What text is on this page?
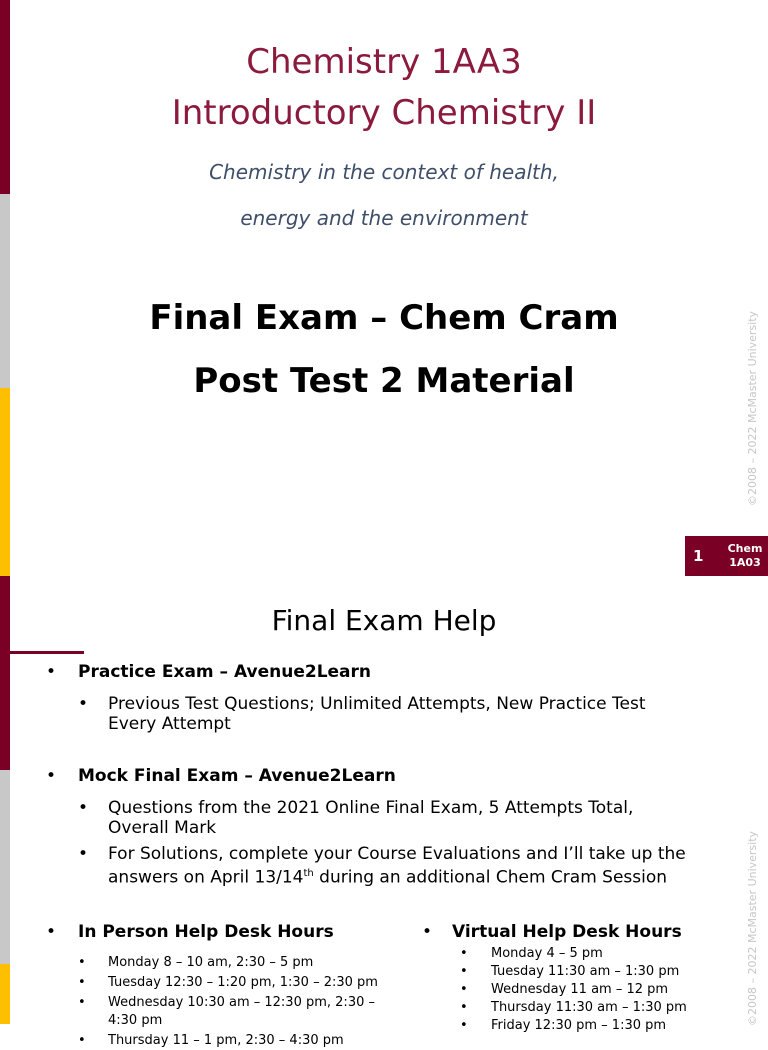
Chemistry 1AA3
Introductory Chemistry II
Chemistry in the context of health,
energy and the environment
Final Exam – Chem Cram
Post Test 2 Material	©2008 – 2022 McMaster University
1 Chem
1A03
Final Exam Help
• Practice Exam – Avenue2Learn
• Previous Test Questions; Unlimited Attempts, New Practice Test Every Attempt
• Mock Final Exam – Avenue2Learn
• Questions from the 2021 Online Final Exam, 5 Attempts Total, Overall Mark
• For Solutions, complete your Course Evaluations and I’ll take up the answers on April 13/14th during an additional Chem Cram Session
• In Person Help Desk Hours
• Monday 8 – 10 am, 2:30 – 5 pm
• Tuesday 12:30 – 1:20 pm, 1:30 – 2:30 pm
• Wednesday 10:30 am – 12:30 pm, 2:30 – 4:30 pm
• Thursday 11 – 1 pm, 2:30 – 4:30 pm
• Virtual Help Desk Hours
• Monday 4 – 5 pm
• Tuesday 11:30 am – 1:30 pm
• Wednesday 11 am – 12 pm
• Thursday 11:30 am – 1:30 pm
• Friday 12:30 pm – 1:30 pm	©2008 – 2022 McMaster University
